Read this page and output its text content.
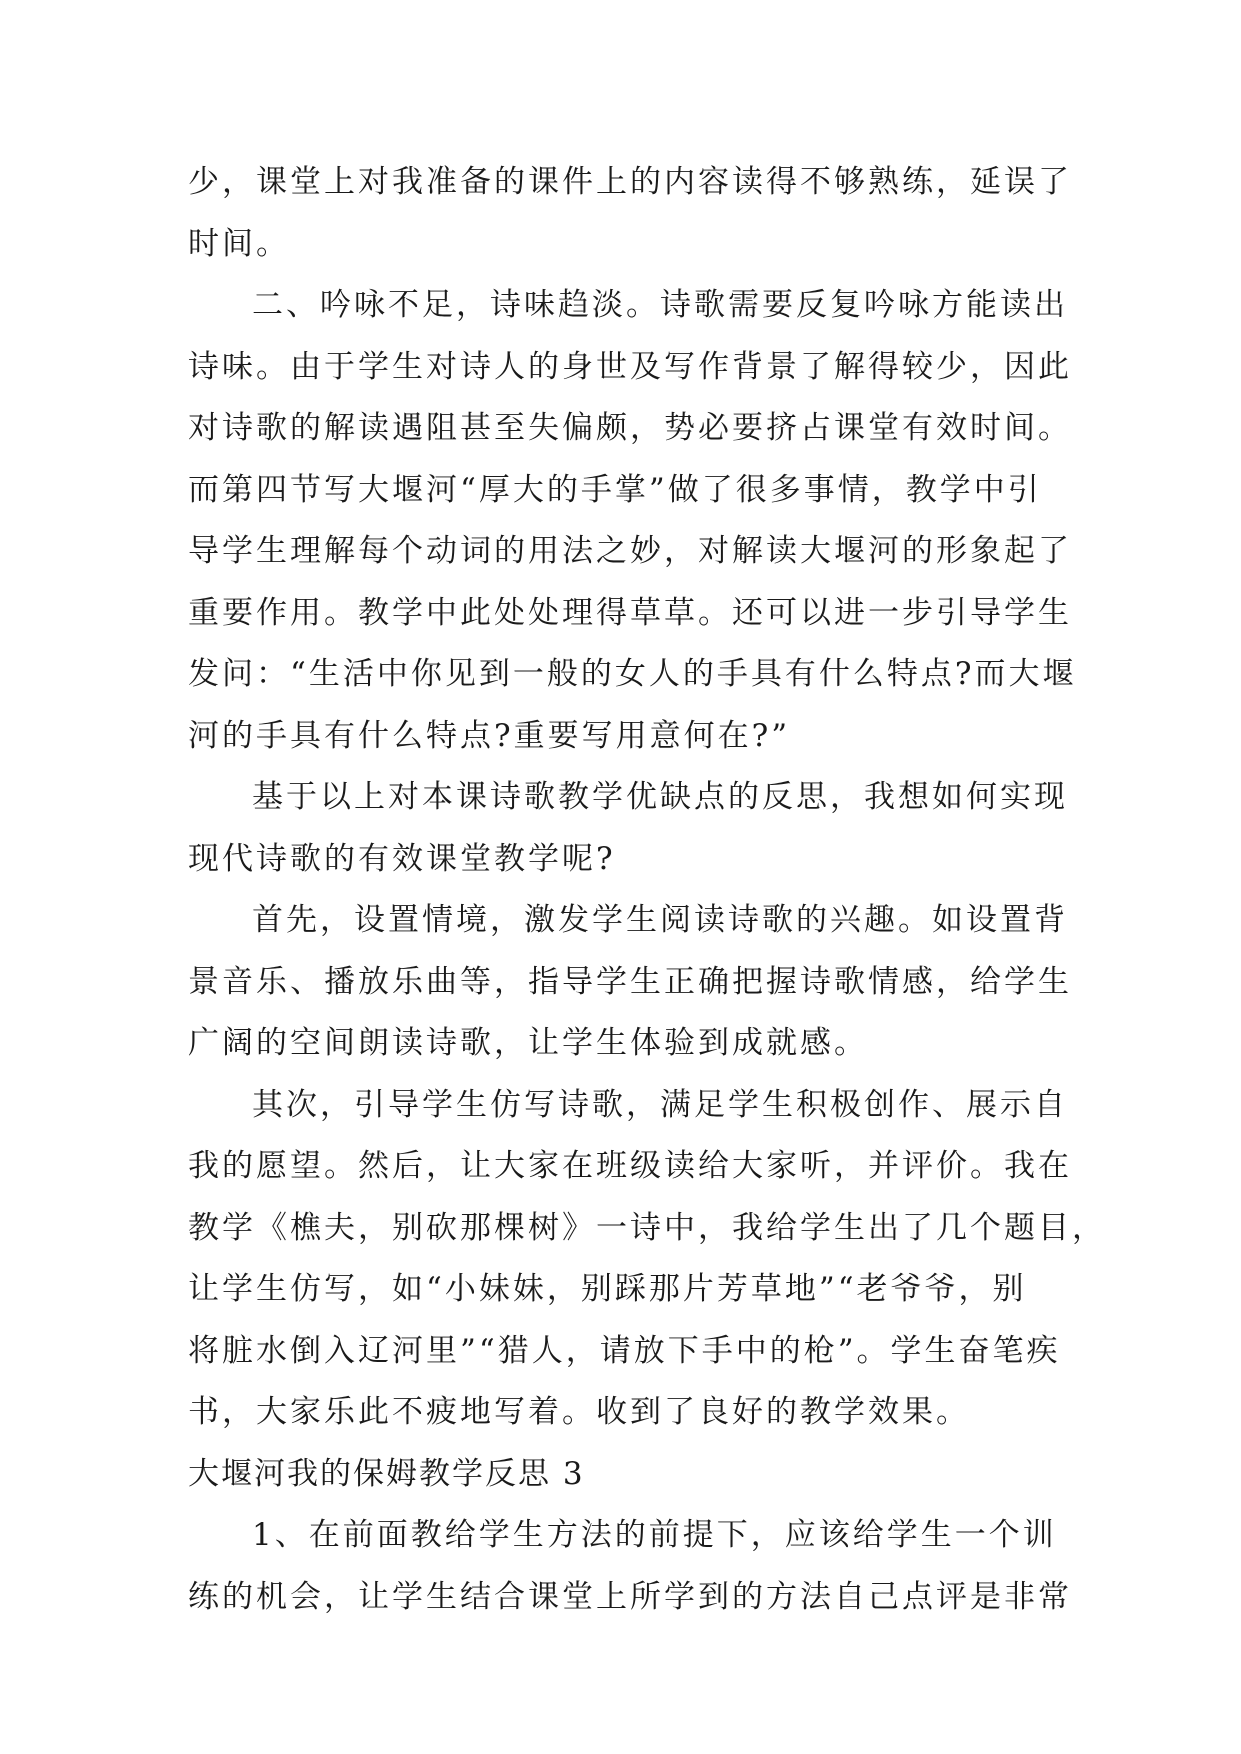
少，课堂上对我准备的课件上的内容读得不够熟练，延误了
时间。
二、吟咏不足，诗味趋淡。诗歌需要反复吟咏方能读出
诗味。由于学生对诗人的身世及写作背景了解得较少，因此
对诗歌的解读遇阻甚至失偏颇，势必要挤占课堂有效时间。
而第四节写大堰河“厚大的手掌”做了很多事情，教学中引
导学生理解每个动词的用法之妙，对解读大堰河的形象起了
重要作用。教学中此处处理得草草。还可以进一步引导学生
发问：“生活中你见到一般的女人的手具有什么特点?而大堰
河的手具有什么特点?重要写用意何在?”
基于以上对本课诗歌教学优缺点的反思，我想如何实现
现代诗歌的有效课堂教学呢?
首先，设置情境，激发学生阅读诗歌的兴趣。如设置背
景音乐、播放乐曲等，指导学生正确把握诗歌情感，给学生
广阔的空间朗读诗歌，让学生体验到成就感。
其次，引导学生仿写诗歌，满足学生积极创作、展示自
我的愿望。然后，让大家在班级读给大家听，并评价。我在
教学《樵夫，别砍那棵树》一诗中，我给学生出了几个题目，
让学生仿写，如“小妹妹，别踩那片芳草地”“老爷爷，别
将脏水倒入辽河里”“猎人，请放下手中的枪”。学生奋笔疾
书，大家乐此不疲地写着。收到了良好的教学效果。
大堰河我的保姆教学反思 3
1、在前面教给学生方法的前提下，应该给学生一个训
练的机会，让学生结合课堂上所学到的方法自己点评是非常
